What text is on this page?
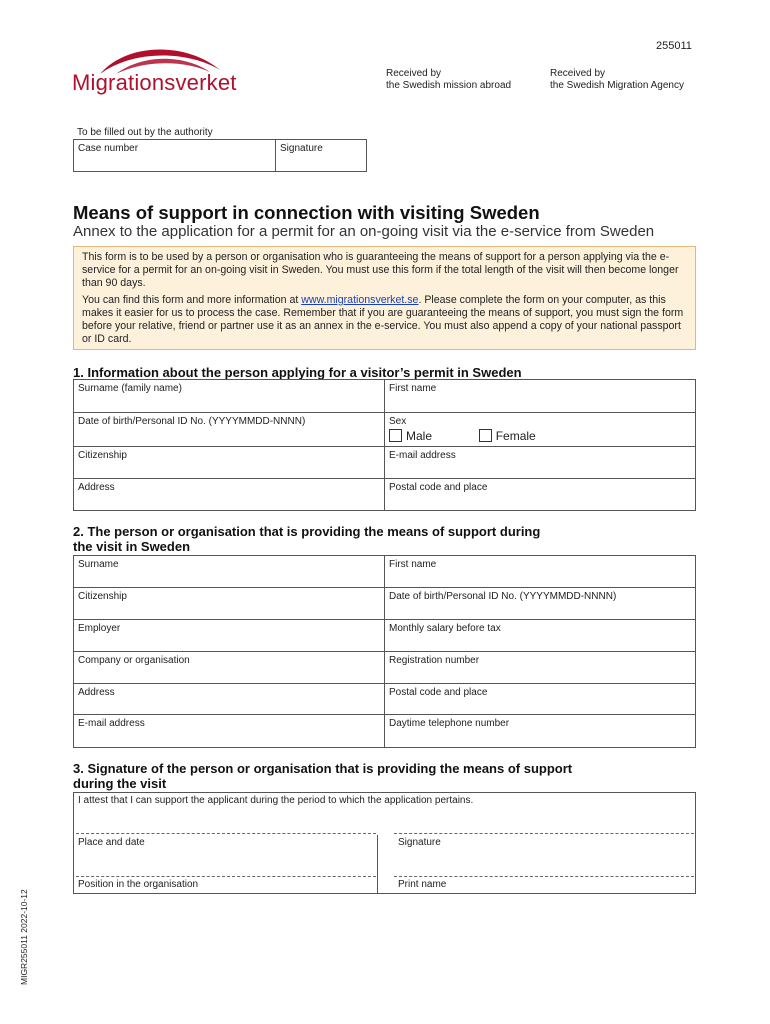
255011
Migrationsverket	Received by
the Swedish mission abroad
Received by
the Swedish Migration Agency
To be filled out by the authority
Case number	Signature
Means of support in connection with visiting Sweden
Annex to the application for a permit for an on-going visit via the e-service from Sweden

This form is to be used by a person or organisation who is guaranteeing the means of support for a person applying via the e-service for a permit for an on-going visit in Sweden. You must use this form if the total length of the visit will then become longer than 90 days.

You can find this form and more information at www.migrationsverket.se. Please complete the form on your computer, as this makes it easier for us to process the case. Remember that if you are guaranteeing the means of support, you must sign the form before your relative, friend or partner use it as an annex in the e-service. You must also append a copy of your national passport or ID card.

1. Information about the person applying for a visitor’s permit in Sweden
Surname (family name)	First name
Date of birth/Personal ID No. (YYYYMMDD-NNNN)	Sex
Male Female

Citizenship	E-mail address
Address	Postal code and place
2. The person or organisation that is providing the means of support during
the visit in Sweden
Surname	First name
Citizenship	Date of birth/Personal ID No. (YYYYMMDD-NNNN)
Employer	Monthly salary before tax
Company or organisation	Registration number
Address	Postal code and place
E-mail address	Daytime telephone number
3. Signature of the person or organisation that is providing the means of support
during the visit
I attest that I can support the applicant during the period to which the application pertains.
Place and date	Signature
Position in the organisation	Print name
MIGR255011 2022-10-12
